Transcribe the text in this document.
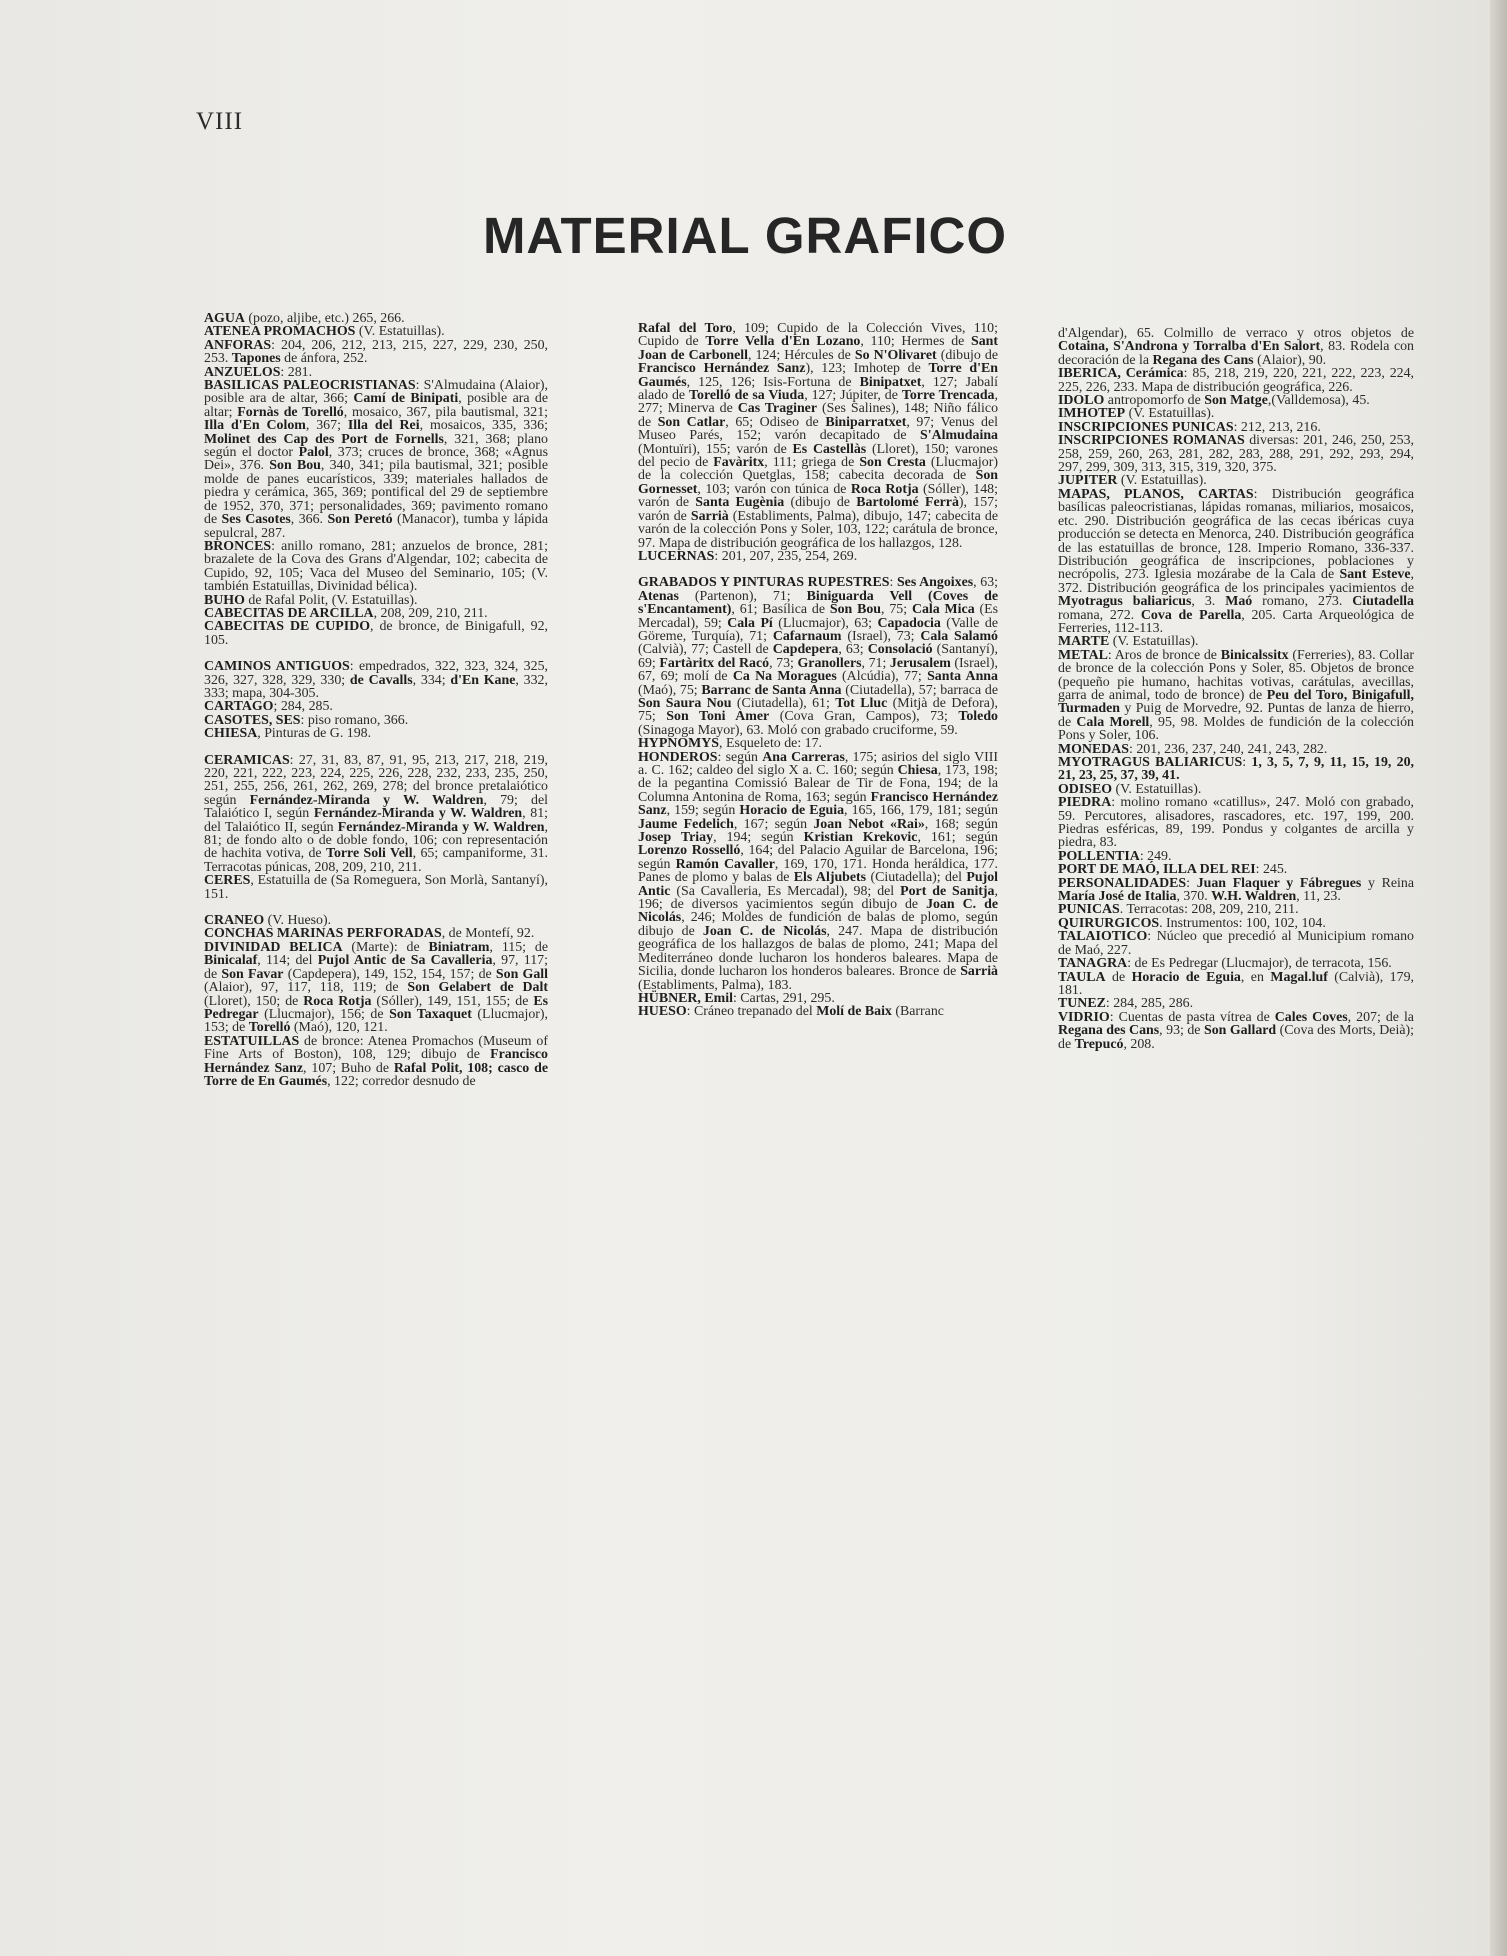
VIII
MATERIAL GRAFICO

AGUA (pozo, aljibe, etc.) 265, 266.

ATENEA PROMACHOS (V. Estatuillas).

ANFORAS: 204, 206, 212, 213, 215, 227, 229, 230, 250, 253. Tapones de ánfora, 252.

ANZUELOS: 281.

BASILICAS PALEOCRISTIANAS: S'Almudaina (Alaior), posible ara de altar, 366; Camí de Binipati, posible ara de altar; Fornàs de Torelló, mosaico, 367, pila bautismal, 321; Illa d'En Colom, 367; Illa del Rei, mosaicos, 335, 336; Molinet des Cap des Port de Fornells, 321, 368; plano según el doctor Palol, 373; cruces de bronce, 368; «Agnus Dei», 376. Son Bou, 340, 341; pila bautismal, 321; posible molde de panes eucarísticos, 339; materiales hallados de piedra y cerámica, 365, 369; pontifical del 29 de septiembre de 1952, 370, 371; personalidades, 369; pavimento romano de Ses Casotes, 366. Son Peretó (Manacor), tumba y lápida sepulcral, 287.

BRONCES: anillo romano, 281; anzuelos de bronce, 281; brazalete de la Cova des Grans d'Algendar, 102; cabecita de Cupido, 92, 105; Vaca del Museo del Seminario, 105; (V. también Estatuillas, Divinidad bélica).

BUHO de Rafal Polit, (V. Estatuillas).

CABECITAS DE ARCILLA, 208, 209, 210, 211.

CABECITAS DE CUPIDO, de bronce, de Binigafull, 92, 105.

CAMINOS ANTIGUOS: empedrados, 322, 323, 324, 325, 326, 327, 328, 329, 330; de Cavalls, 334; d'En Kane, 332, 333; mapa, 304-305.

CARTAGO; 284, 285.

CASOTES, SES: piso romano, 366.

CHIESA, Pinturas de G. 198.

CERAMICAS: 27, 31, 83, 87, 91, 95, 213, 217, 218, 219, 220, 221, 222, 223, 224, 225, 226, 228, 232, 233, 235, 250, 251, 255, 256, 261, 262, 269, 278; del bronce pretalaiótico según Fernández-Miranda y W. Waldren, 79; del Talaiótico I, según Fernández-Miranda y W. Waldren, 81; del Talaiótico II, según Fernández-Miranda y W. Waldren, 81; de fondo alto o de doble fondo, 106; con representación de hachita votiva, de Torre Soli Vell, 65; campaniforme, 31. Terracotas púnicas, 208, 209, 210, 211.

CERES, Estatuilla de (Sa Romeguera, Son Morlà, Santanyí), 151.

CRANEO (V. Hueso).

CONCHAS MARINAS PERFORADAS, de Montefí, 92.

DIVINIDAD BELICA (Marte): de Biniatram, 115; de Binicalaf, 114; del Pujol Antic de Sa Cavalleria, 97, 117; de Son Favar (Capdepera), 149, 152, 154, 157; de Son Gall (Alaior), 97, 117, 118, 119; de Son Gelabert de Dalt (Lloret), 150; de Roca Rotja (Sóller), 149, 151, 155; de Es Pedregar (Llucmajor), 156; de Son Taxaquet (Llucmajor), 153; de Torelló (Maó), 120, 121.

ESTATUILLAS de bronce: Atenea Promachos (Museum of Fine Arts of Boston), 108, 129; dibujo de Francisco Hernández Sanz, 107; Buho de Rafal Polit, 108; casco de Torre de En Gaumés, 122; corredor desnudo de

Rafal del Toro, 109; Cupido de la Colección Vives, 110; Cupido de Torre Vella d'En Lozano, 110; Hermes de Sant Joan de Carbonell, 124; Hércules de So N'Olivaret (dibujo de Francisco Hernández Sanz), 123; Imhotep de Torre d'En Gaumés, 125, 126; Isis-Fortuna de Binipatxet, 127; Jabalí alado de Torelló de sa Viuda, 127; Júpiter, de Torre Trencada, 277; Minerva de Cas Traginer (Ses Salines), 148; Niño fálico de Son Catlar, 65; Odiseo de Biniparratxet, 97; Venus del Museo Parés, 152; varón decapitado de S'Almudaina (Montuïri), 155; varón de Es Castellàs (Lloret), 150; varones del pecio de Favàritx, 111; griega de Son Cresta (Llucmajor) de la colección Quetglas, 158; cabecita decorada de Son Gornesset, 103; varón con túnica de Roca Rotja (Sóller), 148; varón de Santa Eugènia (dibujo de Bartolomé Ferrà), 157; varón de Sarrià (Establiments, Palma), dibujo, 147; cabecita de varón de la colección Pons y Soler, 103, 122; carátula de bronce, 97. Mapa de distribución geográfica de los hallazgos, 128.

LUCERNAS: 201, 207, 235, 254, 269.

GRABADOS Y PINTURAS RUPESTRES: Ses Angoixes, 63; Atenas (Partenon), 71; Biniguarda Vell (Coves de s'Encantament), 61; Basílica de Son Bou, 75; Cala Mica (Es Mercadal), 59; Cala Pí (Llucmajor), 63; Capadocia (Valle de Göreme, Turquía), 71; Cafarnaum (Israel), 73; Cala Salamó (Calvià), 77; Castell de Capdepera, 63; Consolació (Santanyí), 69; Fartàritx del Racó, 73; Granollers, 71; Jerusalem (Israel), 67, 69; molí de Ca Na Moragues (Alcúdia), 77; Santa Anna (Maó), 75; Barranc de Santa Anna (Ciutadella), 57; barraca de Son Saura Nou (Ciutadella), 61; Tot Lluc (Mitjà de Defora), 75; Son Toni Amer (Cova Gran, Campos), 73; Toledo (Sinagoga Mayor), 63. Moló con grabado cruciforme, 59.

HYPNOMYS, Esqueleto de: 17.

HONDEROS: según Ana Carreras, 175; asirios del siglo VIII a. C. 162; caldeo del siglo X a. C. 160; según Chiesa, 173, 198; de la pegantina Comissió Balear de Tir de Fona, 194; de la Columna Antonina de Roma, 163; según Francisco Hernández Sanz, 159; según Horacio de Eguia, 165, 166, 179, 181; según Jaume Fedelich, 167; según Joan Nebot «Rai», 168; según Josep Triay, 194; según Kristian Krekovic, 161; según Lorenzo Rosselló, 164; del Palacio Aguilar de Barcelona, 196; según Ramón Cavaller, 169, 170, 171. Honda heráldica, 177. Panes de plomo y balas de Els Aljubets (Ciutadella); del Pujol Antic (Sa Cavalleria, Es Mercadal), 98; del Port de Sanitja, 196; de diversos yacimientos según dibujo de Joan C. de Nicolás, 246; Moldes de fundición de balas de plomo, según dibujo de Joan C. de Nicolás, 247. Mapa de distribución geográfica de los hallazgos de balas de plomo, 241; Mapa del Mediterráneo donde lucharon los honderos baleares. Mapa de Sicilia, donde lucharon los honderos baleares. Bronce de Sarrià (Establiments, Palma), 183.

HÜBNER, Emil: Cartas, 291, 295.

HUESO: Cráneo trepanado del Molí de Baix (Barranc

d'Algendar), 65. Colmillo de verraco y otros objetos de Cotaina, S'Androna y Torralba d'En Salort, 83. Rodela con decoración de la Regana des Cans (Alaior), 90.

IBERICA, Cerámica: 85, 218, 219, 220, 221, 222, 223, 224, 225, 226, 233. Mapa de distribución geográfica, 226.

IDOLO antropomorfo de Son Matge,(Valldemosa), 45.

IMHOTEP (V. Estatuillas).

INSCRIPCIONES PUNICAS: 212, 213, 216.

INSCRIPCIONES ROMANAS diversas: 201, 246, 250, 253, 258, 259, 260, 263, 281, 282, 283, 288, 291, 292, 293, 294, 297, 299, 309, 313, 315, 319, 320, 375.

JUPITER (V. Estatuillas).

MAPAS, PLANOS, CARTAS: Distribución geográfica basílicas paleocristianas, lápidas romanas, miliarios, mosaicos, etc. 290. Distribución geográfica de las cecas ibéricas cuya producción se detecta en Menorca, 240. Distribución geográfica de las estatuillas de bronce, 128. Imperio Romano, 336-337. Distribución geográfica de inscripciones, poblaciones y necrópolis, 273. Iglesia mozárabe de la Cala de Sant Esteve, 372. Distribución geográfica de los principales yacimientos de Myotragus baliaricus, 3. Maó romano, 273. Ciutadella romana, 272. Cova de Parella, 205. Carta Arqueológica de Ferreries, 112-113.

MARTE (V. Estatuillas).

METAL: Aros de bronce de Binicalssitx (Ferreries), 83. Collar de bronce de la colección Pons y Soler, 85. Objetos de bronce (pequeño pie humano, hachitas votivas, carátulas, avecillas, garra de animal, todo de bronce) de Peu del Toro, Binigafull, Turmaden y Puig de Morvedre, 92. Puntas de lanza de hierro, de Cala Morell, 95, 98. Moldes de fundición de la colección Pons y Soler, 106.

MONEDAS: 201, 236, 237, 240, 241, 243, 282.

MYOTRAGUS BALIARICUS: 1, 3, 5, 7, 9, 11, 15, 19, 20, 21, 23, 25, 37, 39, 41.

ODISEO (V. Estatuillas).

PIEDRA: molino romano «catillus», 247. Moló con grabado, 59. Percutores, alisadores, rascadores, etc. 197, 199, 200. Piedras esféricas, 89, 199. Pondus y colgantes de arcilla y piedra, 83.

POLLENTIA: 249.

PORT DE MAÓ, ILLA DEL REI: 245.

PERSONALIDADES: Juan Flaquer y Fábregues y Reina María José de Italia, 370. W.H. Waldren, 11, 23.

PUNICAS. Terracotas: 208, 209, 210, 211.

QUIRURGICOS. Instrumentos: 100, 102, 104.

TALAIOTICO: Núcleo que precedió al Municipium romano de Maó, 227.

TANAGRA: de Es Pedregar (Llucmajor), de terracota, 156.

TAULA de Horacio de Eguia, en Magal.luf (Calvià), 179, 181.

TUNEZ: 284, 285, 286.

VIDRIO: Cuentas de pasta vítrea de Cales Coves, 207; de la Regana des Cans, 93; de Son Gallard (Cova des Morts, Deià); de Trepucó, 208.
